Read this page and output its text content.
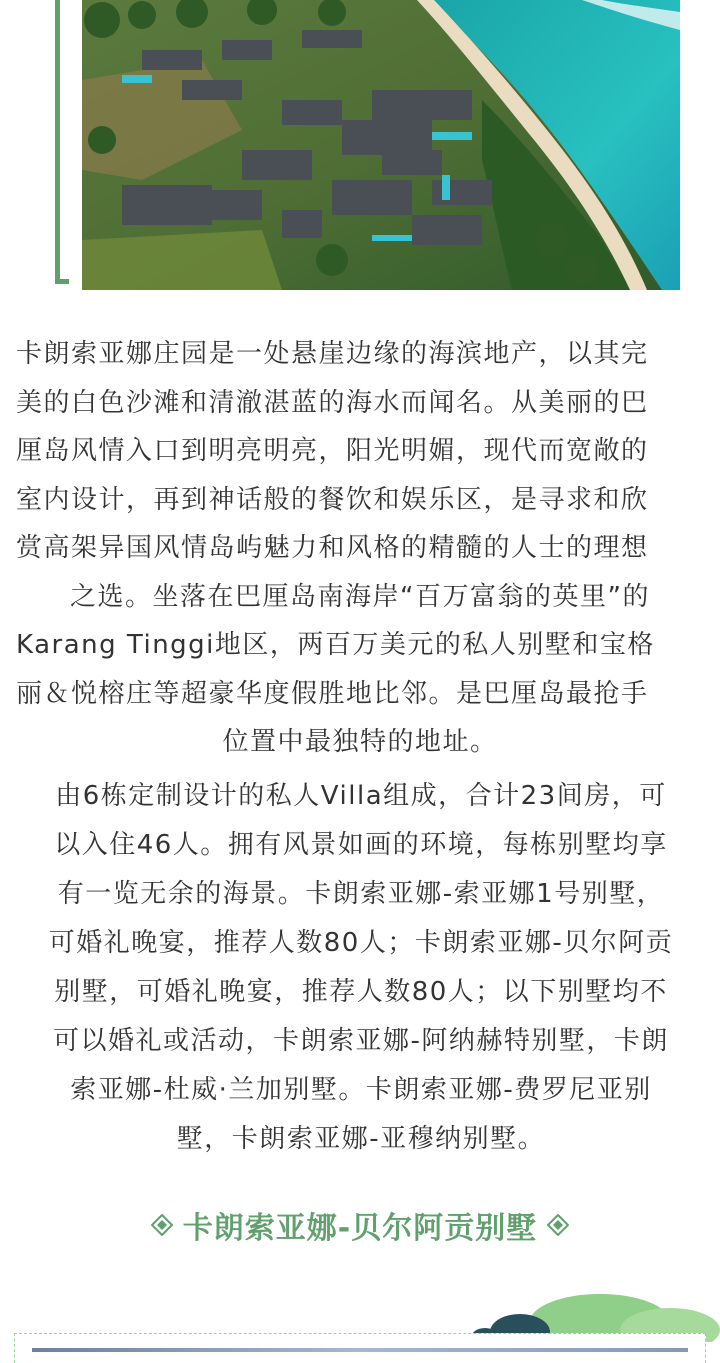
卡朗索亚娜庄园是一处悬崖边缘的海滨地产，以其完

美的白色沙滩和清澈湛蓝的海水而闻名。从美丽的巴

厘岛风情入口到明亮明亮，阳光明媚，现代而宽敞的

室内设计，再到神话般的餐饮和娱乐区，是寻求和欣

赏高架异国风情岛屿魅力和风格的精髓的人士的理想

之选。坐落在巴厘岛南海岸“百万富翁的英里”的

Karang Tinggi地区，两百万美元的私人别墅和宝格

丽＆悦榕庄等超豪华度假胜地比邻。是巴厘岛最抢手

位置中最独特的地址。

由6栋定制设计的私人Villa组成，合计23间房，可

以入住46人。拥有风景如画的环境，每栋别墅均享

有一览无余的海景。卡朗索亚娜-索亚娜1号别墅，

可婚礼晚宴，推荐人数80人；卡朗索亚娜-贝尔阿贡

别墅，可婚礼晚宴，推荐人数80人；以下别墅均不

可以婚礼或活动，卡朗索亚娜-阿纳赫特别墅，卡朗

索亚娜-杜威·兰加别墅。卡朗索亚娜-费罗尼亚别

墅，卡朗索亚娜-亚穆纳别墅。

卡朗索亚娜-贝尔阿贡别墅
